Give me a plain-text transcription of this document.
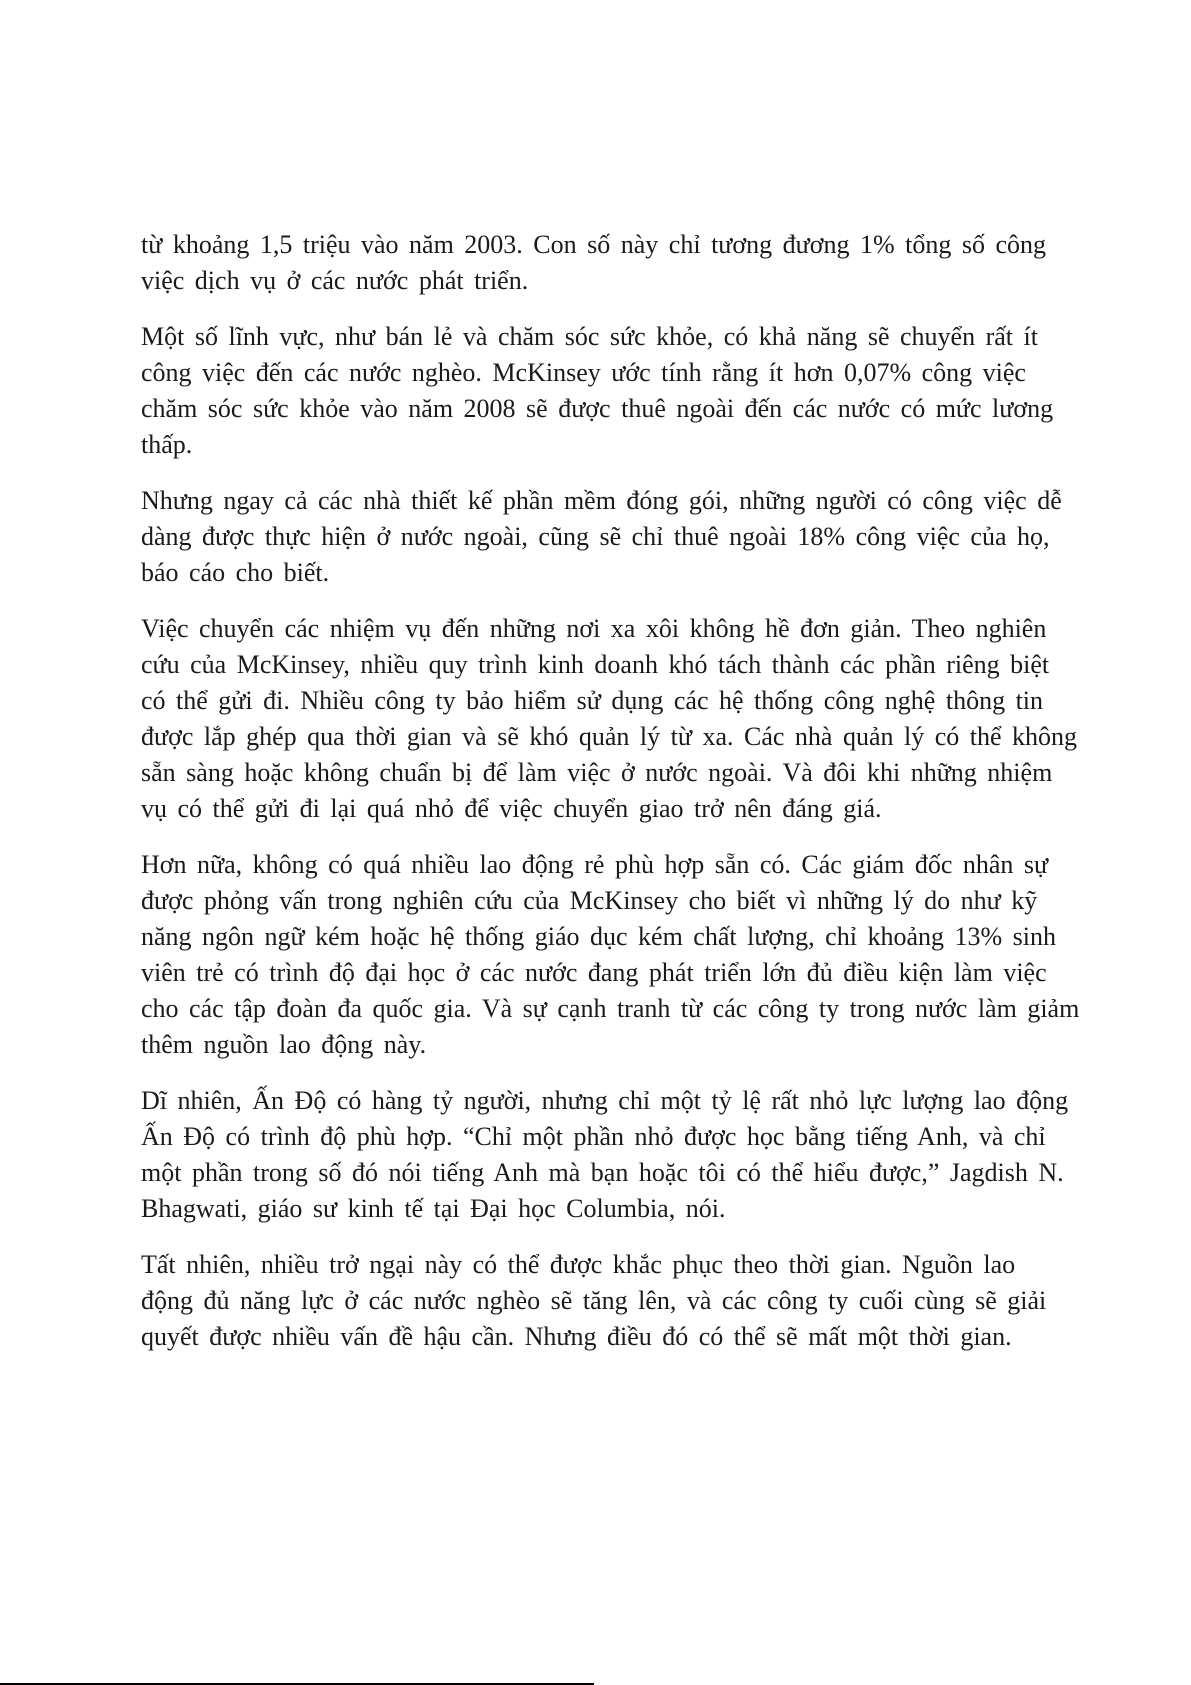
từ khoảng 1,5 triệu vào năm 2003. Con số này chỉ tương đương 1% tổng số công
việc dịch vụ ở các nước phát triển.

Một số lĩnh vực, như bán lẻ và chăm sóc sức khỏe, có khả năng sẽ chuyển rất ít
công việc đến các nước nghèo. McKinsey ước tính rằng ít hơn 0,07% công việc
chăm sóc sức khỏe vào năm 2008 sẽ được thuê ngoài đến các nước có mức lương
thấp.

Nhưng ngay cả các nhà thiết kế phần mềm đóng gói, những người có công việc dễ
dàng được thực hiện ở nước ngoài, cũng sẽ chỉ thuê ngoài 18% công việc của họ,
báo cáo cho biết.

Việc chuyển các nhiệm vụ đến những nơi xa xôi không hề đơn giản. Theo nghiên
cứu của McKinsey, nhiều quy trình kinh doanh khó tách thành các phần riêng biệt
có thể gửi đi. Nhiều công ty bảo hiểm sử dụng các hệ thống công nghệ thông tin
được lắp ghép qua thời gian và sẽ khó quản lý từ xa. Các nhà quản lý có thể không
sẵn sàng hoặc không chuẩn bị để làm việc ở nước ngoài. Và đôi khi những nhiệm
vụ có thể gửi đi lại quá nhỏ để việc chuyển giao trở nên đáng giá.

Hơn nữa, không có quá nhiều lao động rẻ phù hợp sẵn có. Các giám đốc nhân sự
được phỏng vấn trong nghiên cứu của McKinsey cho biết vì những lý do như kỹ
năng ngôn ngữ kém hoặc hệ thống giáo dục kém chất lượng, chỉ khoảng 13% sinh
viên trẻ có trình độ đại học ở các nước đang phát triển lớn đủ điều kiện làm việc
cho các tập đoàn đa quốc gia. Và sự cạnh tranh từ các công ty trong nước làm giảm
thêm nguồn lao động này.

Dĩ nhiên, Ấn Độ có hàng tỷ người, nhưng chỉ một tỷ lệ rất nhỏ lực lượng lao động
Ấn Độ có trình độ phù hợp. “Chỉ một phần nhỏ được học bằng tiếng Anh, và chỉ
một phần trong số đó nói tiếng Anh mà bạn hoặc tôi có thể hiểu được,” Jagdish N.
Bhagwati, giáo sư kinh tế tại Đại học Columbia, nói.

Tất nhiên, nhiều trở ngại này có thể được khắc phục theo thời gian. Nguồn lao
động đủ năng lực ở các nước nghèo sẽ tăng lên, và các công ty cuối cùng sẽ giải
quyết được nhiều vấn đề hậu cần. Nhưng điều đó có thể sẽ mất một thời gian.
